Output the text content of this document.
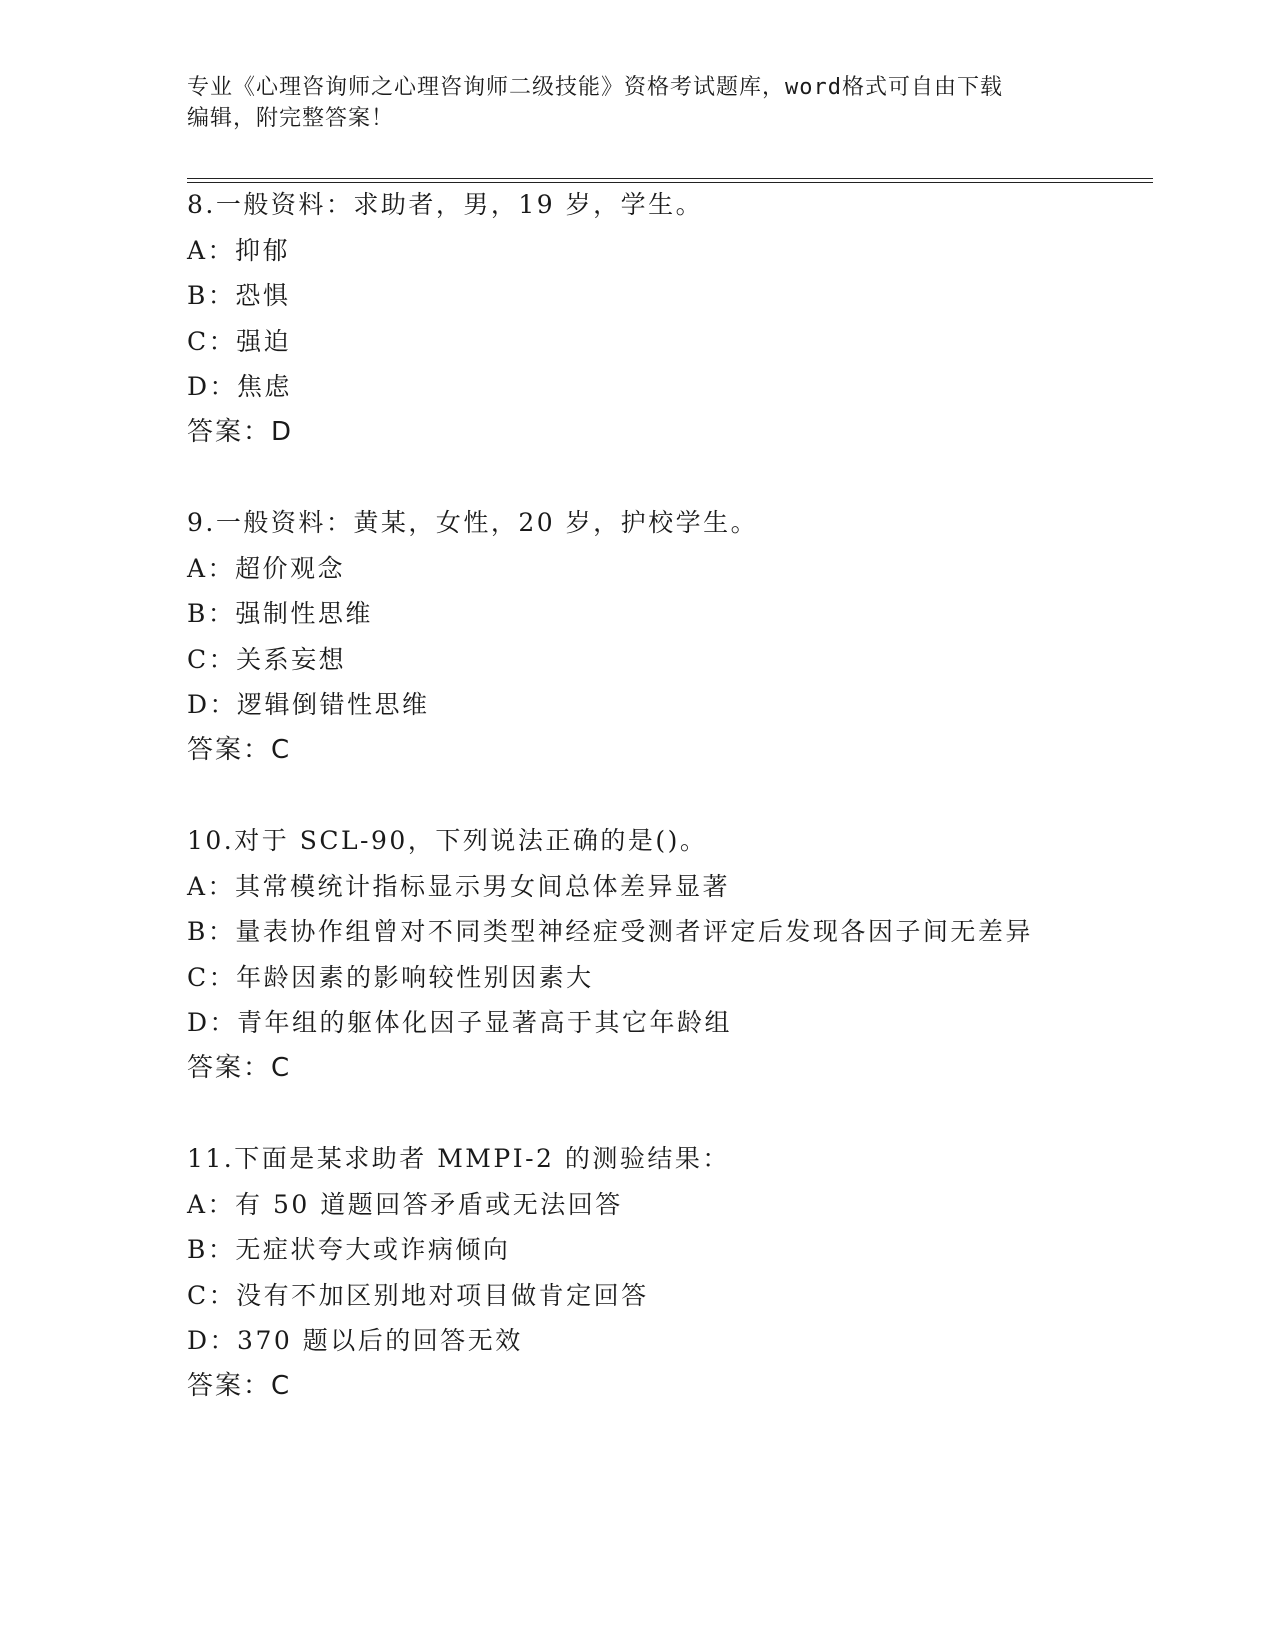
专业《心理咨询师之心理咨询师二级技能》资格考试题库，word格式可自由下载
编辑，附完整答案！
8.一般资料：求助者，男，19 岁，学生。
A：抑郁
B：恐惧
C：强迫
D：焦虑
答案：D
9.一般资料：黄某，女性，20 岁，护校学生。
A：超价观念
B：强制性思维
C：关系妄想
D：逻辑倒错性思维
答案：C
10.对于 SCL-90，下列说法正确的是()。
A：其常模统计指标显示男女间总体差异显著
B：量表协作组曾对不同类型神经症受测者评定后发现各因子间无差异
C：年龄因素的影响较性别因素大
D：青年组的躯体化因子显著高于其它年龄组
答案：C
11.下面是某求助者 MMPI-2 的测验结果：
A：有 50 道题回答矛盾或无法回答
B：无症状夸大或诈病倾向
C：没有不加区别地对项目做肯定回答
D：370 题以后的回答无效
答案：C
